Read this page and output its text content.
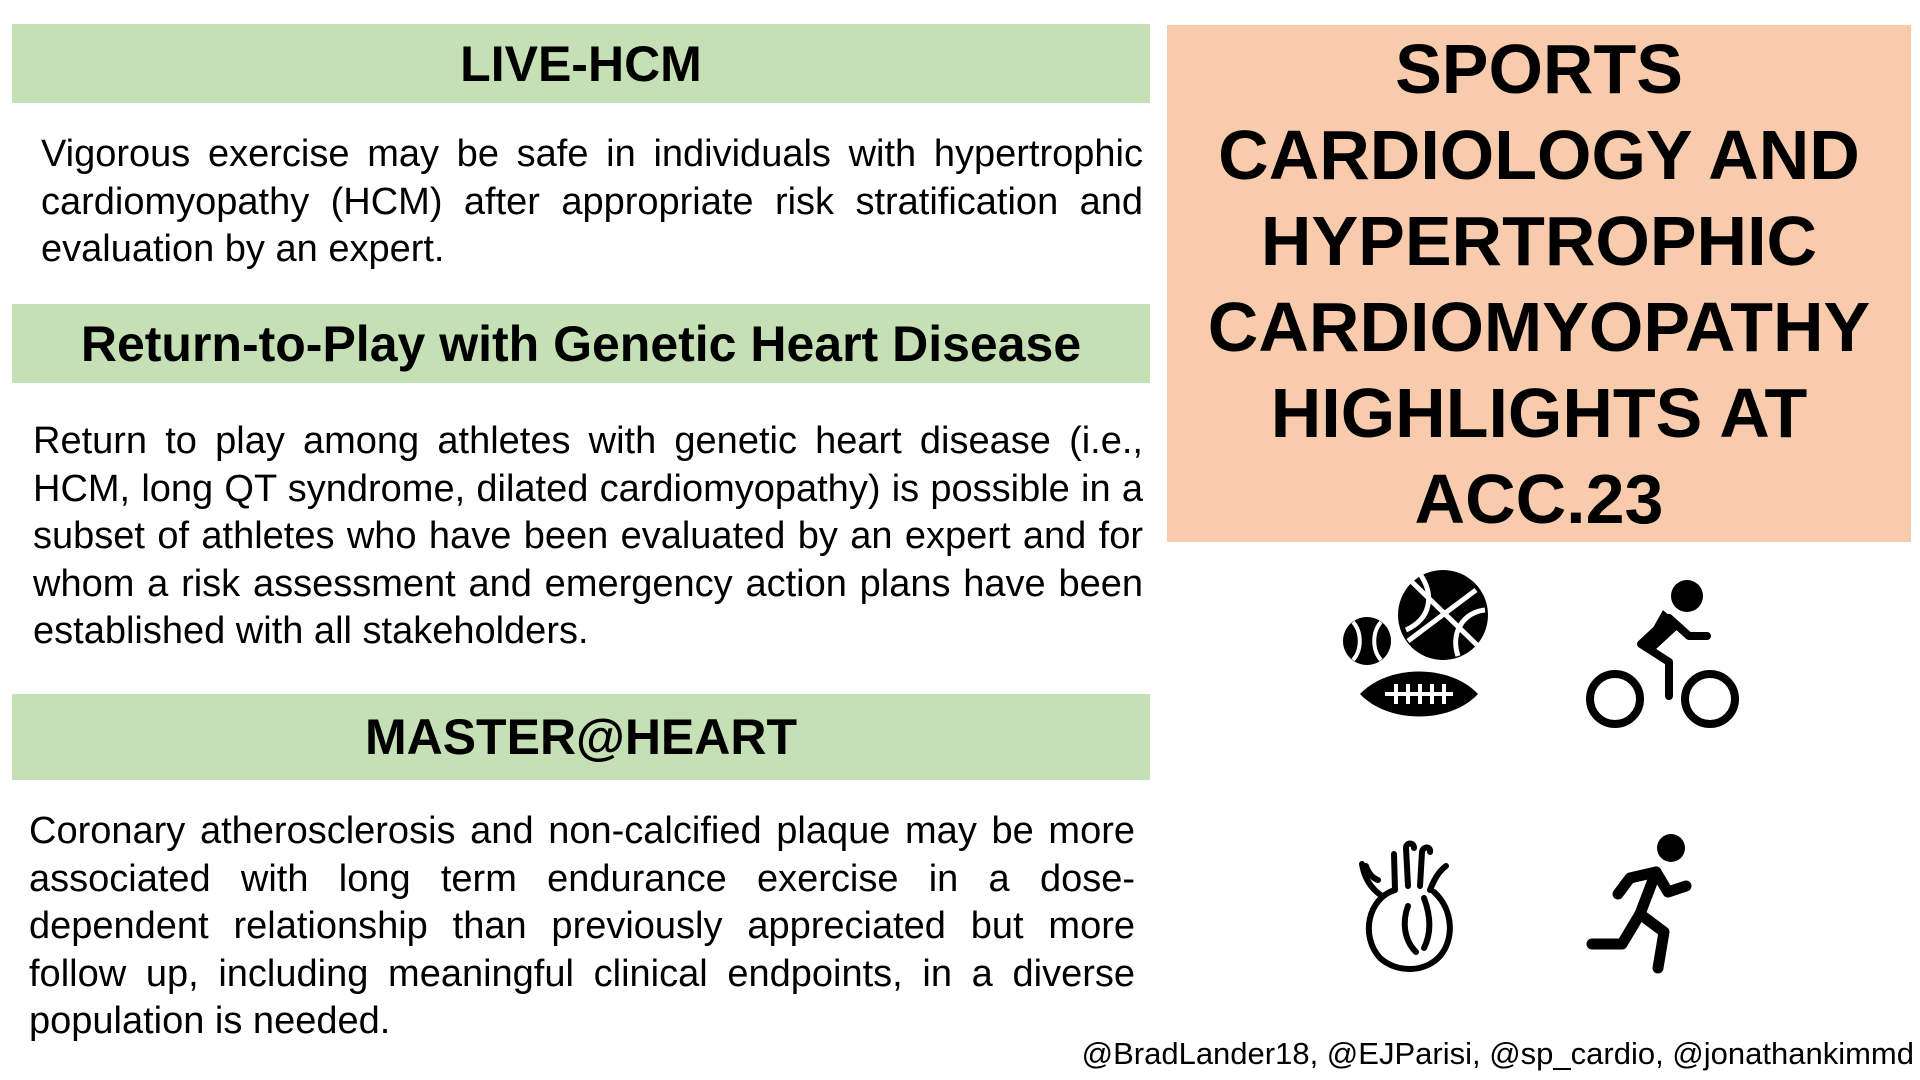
LIVE-HCM

Vigorous exercise may be safe in individuals with hypertrophic cardiomyopathy (HCM) after appropriate risk stratification and evaluation by an expert.

Return-to-Play with Genetic Heart Disease

Return to play among athletes with genetic heart disease (i.e., HCM, long QT syndrome, dilated cardiomyopathy) is possible in a subset of athletes who have been evaluated by an expert and for whom a risk assessment and emergency action plans have been established with all stakeholders.

MASTER@HEART

Coronary atherosclerosis and non-calcified plaque may be more associated with long term endurance exercise in a dose-dependent relationship than previously appreciated but more follow up, including meaningful clinical endpoints, in a diverse population is needed.

SPORTS
CARDIOLOGY AND
HYPERTROPHIC
CARDIOMYOPATHY
HIGHLIGHTS AT
ACC.23

@BradLander18, @EJParisi, @sp_cardio, @jonathankimmd
